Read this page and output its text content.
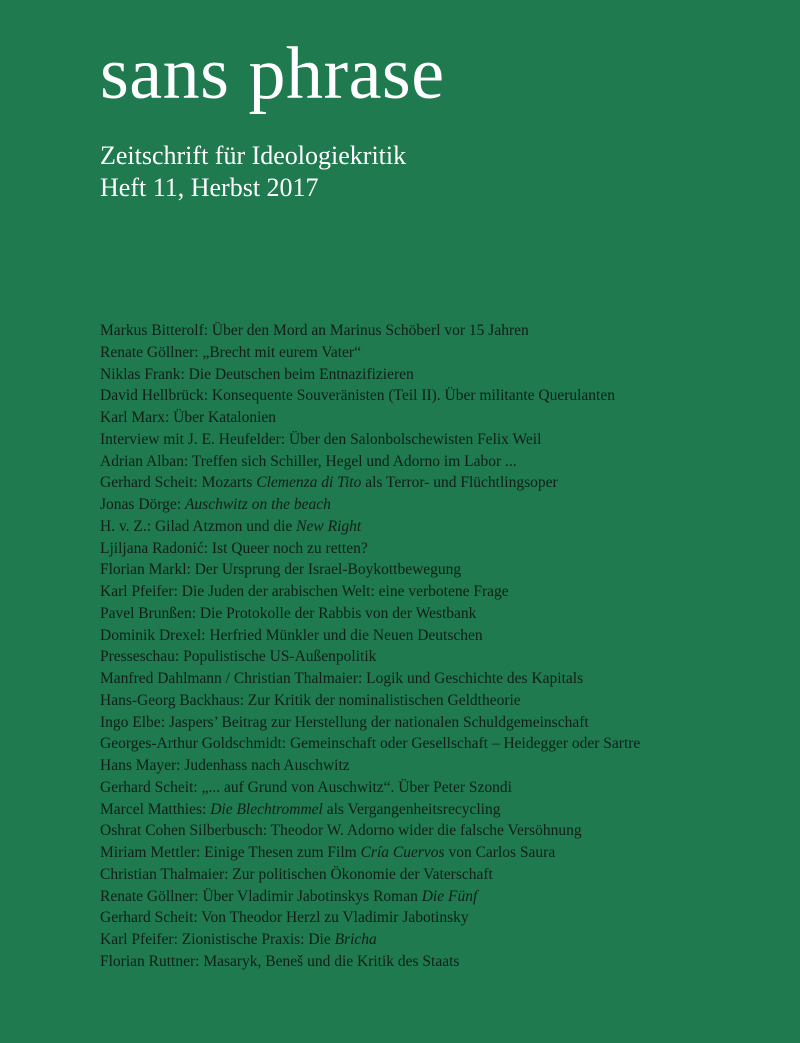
sans phrase
Zeitschrift für Ideologiekritik
Heft 11, Herbst 2017
Markus Bitterolf: Über den Mord an Marinus Schöberl vor 15 Jahren
Renate Göllner: „Brecht mit eurem Vater“
Niklas Frank: Die Deutschen beim Entnazifizieren
David Hellbrück: Konsequente Souveränisten (Teil II). Über militante Querulanten
Karl Marx: Über Katalonien
Interview mit J. E. Heufelder: Über den Salonbolschewisten Felix Weil
Adrian Alban: Treffen sich Schiller, Hegel und Adorno im Labor ...
Gerhard Scheit: Mozarts Clemenza di Tito als Terror- und Flüchtlingsoper
Jonas Dörge: Auschwitz on the beach
H. v. Z.: Gilad Atzmon und die New Right
Ljiljana Radonić: Ist Queer noch zu retten?
Florian Markl: Der Ursprung der Israel-Boykottbewegung
Karl Pfeifer: Die Juden der arabischen Welt: eine verbotene Frage
Pavel Brunßen: Die Protokolle der Rabbis von der Westbank
Dominik Drexel: Herfried Münkler und die Neuen Deutschen
Presseschau: Populistische US-Außenpolitik
Manfred Dahlmann / Christian Thalmaier: Logik und Geschichte des Kapitals
Hans-Georg Backhaus: Zur Kritik der nominalistischen Geldtheorie
Ingo Elbe: Jaspers’ Beitrag zur Herstellung der nationalen Schuldgemeinschaft
Georges-Arthur Goldschmidt: Gemeinschaft oder Gesellschaft – Heidegger oder Sartre
Hans Mayer: Judenhass nach Auschwitz
Gerhard Scheit: „... auf Grund von Auschwitz“. Über Peter Szondi
Marcel Matthies: Die Blechtrommel als Vergangenheitsrecycling
Oshrat Cohen Silberbusch: Theodor W. Adorno wider die falsche Versöhnung
Miriam Mettler: Einige Thesen zum Film Cría Cuervos von Carlos Saura
Christian Thalmaier: Zur politischen Ökonomie der Vaterschaft
Renate Göllner: Über Vladimir Jabotinskys Roman Die Fünf
Gerhard Scheit: Von Theodor Herzl zu Vladimir Jabotinsky
Karl Pfeifer: Zionistische Praxis: Die Bricha
Florian Ruttner: Masaryk, Beneš und die Kritik des Staats
